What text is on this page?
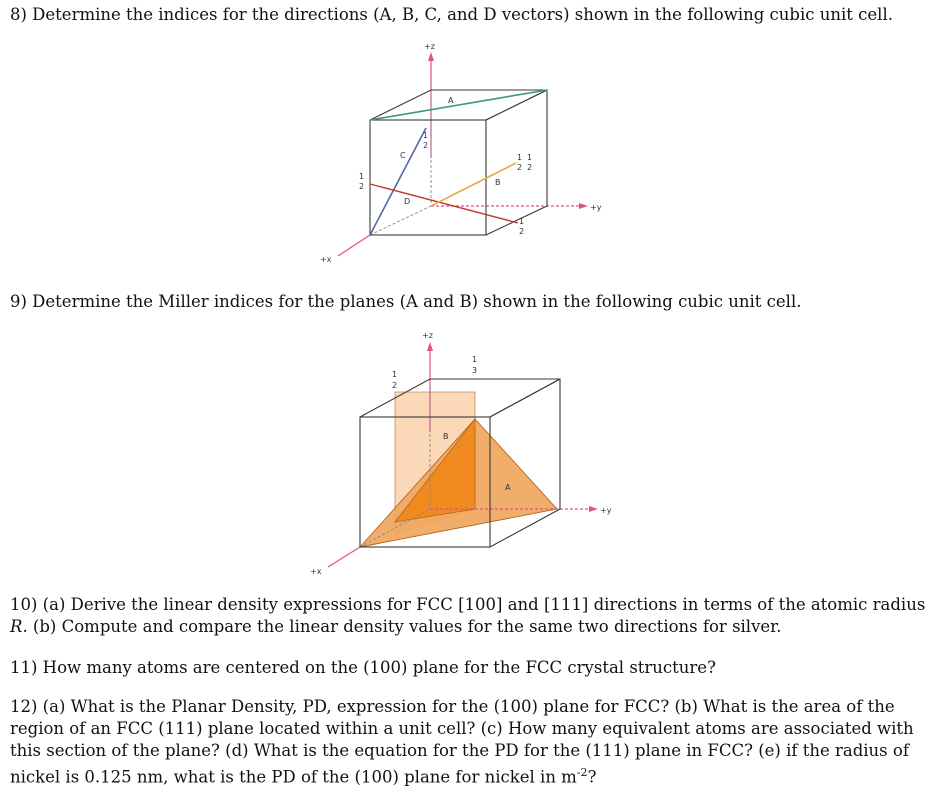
8) Determine the indices for the directions (A, B, C, and D vectors) shown in the following cubic unit cell.

+z
+y
+x
A
C
1
2
D
1
2	B
1
2
1
2
1
2

9) Determine the Miller indices for the planes (A and B) shown in the following cubic unit cell.

+z
+y
+x
B
A
1
2
1
3

10) (a) Derive the linear density expressions for FCC [100] and [111] directions in terms of the atomic radius R. (b) Compute and compare the linear density values for the same two directions for silver.

11) How many atoms are centered on the (100) plane for the FCC crystal structure?

12) (a) What is the Planar Density, PD, expression for the (100) plane for FCC? (b) What is the area of the region of an FCC (111) plane located within a unit cell? (c) How many equivalent atoms are associated with this section of the plane? (d) What is the equation for the PD for the (111) plane in FCC? (e) if the radius of nickel is 0.125 nm, what is the PD of the (100) plane for nickel in $m^{-2}$?
